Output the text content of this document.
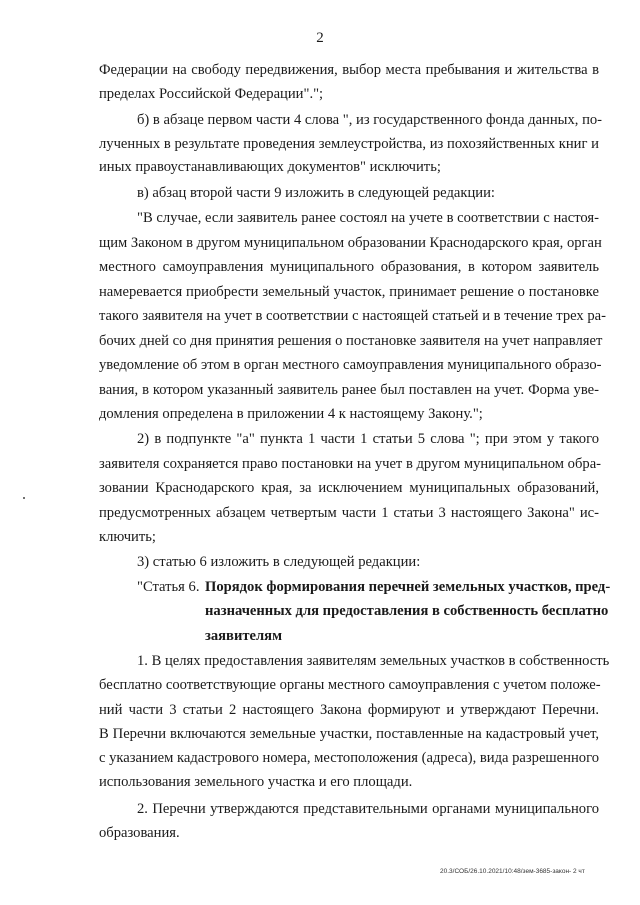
2
Федерации на свободу передвижения, выбор места пребывания и жительства в
пределах Российской Федерации".";
б) в абзаце первом части 4 слова ", из государственного фонда данных, по-
лученных в результате проведения землеустройства, из похозяйственных книг и
иных правоустанавливающих документов" исключить;
в) абзац второй части 9 изложить в следующей редакции:
"В случае, если заявитель ранее состоял на учете в соответствии с настоя-
щим Законом в другом муниципальном образовании Краснодарского края, орган
местного самоуправления муниципального образования, в котором заявитель
намеревается приобрести земельный участок, принимает решение о постановке
такого заявителя на учет в соответствии с настоящей статьей и в течение трех ра-
бочих дней со дня принятия решения о постановке заявителя на учет направляет
уведомление об этом в орган местного самоуправления муниципального образо-
вания, в котором указанный заявитель ранее был поставлен на учет. Форма уве-
домления определена в приложении 4 к настоящему Закону.";
2) в подпункте "а" пункта 1 части 1 статьи 5 слова "; при этом у такого
заявителя сохраняется право постановки на учет в другом муниципальном обра-
зовании Краснодарского края, за исключением муниципальных образований,
предусмотренных абзацем четвертым части 1 статьи 3 настоящего Закона" ис-
ключить;
3) статью 6 изложить в следующей редакции:
"Статья 6. Порядок формирования перечней земельных участков, пред-
назначенных для предоставления в собственность бесплатно
заявителям
1. В целях предоставления заявителям земельных участков в собственность
бесплатно соответствующие органы местного самоуправления с учетом положе-
ний части 3 статьи 2 настоящего Закона формируют и утверждают Перечни.
В Перечни включаются земельные участки, поставленные на кадастровый учет,
с указанием кадастрового номера, местоположения (адреса), вида разрешенного
использования земельного участка и его площади.
2. Перечни утверждаются представительными органами муниципального
образования.
20.3/СОБ/26.10.2021/10:48/зем-3685-закон- 2 чт
